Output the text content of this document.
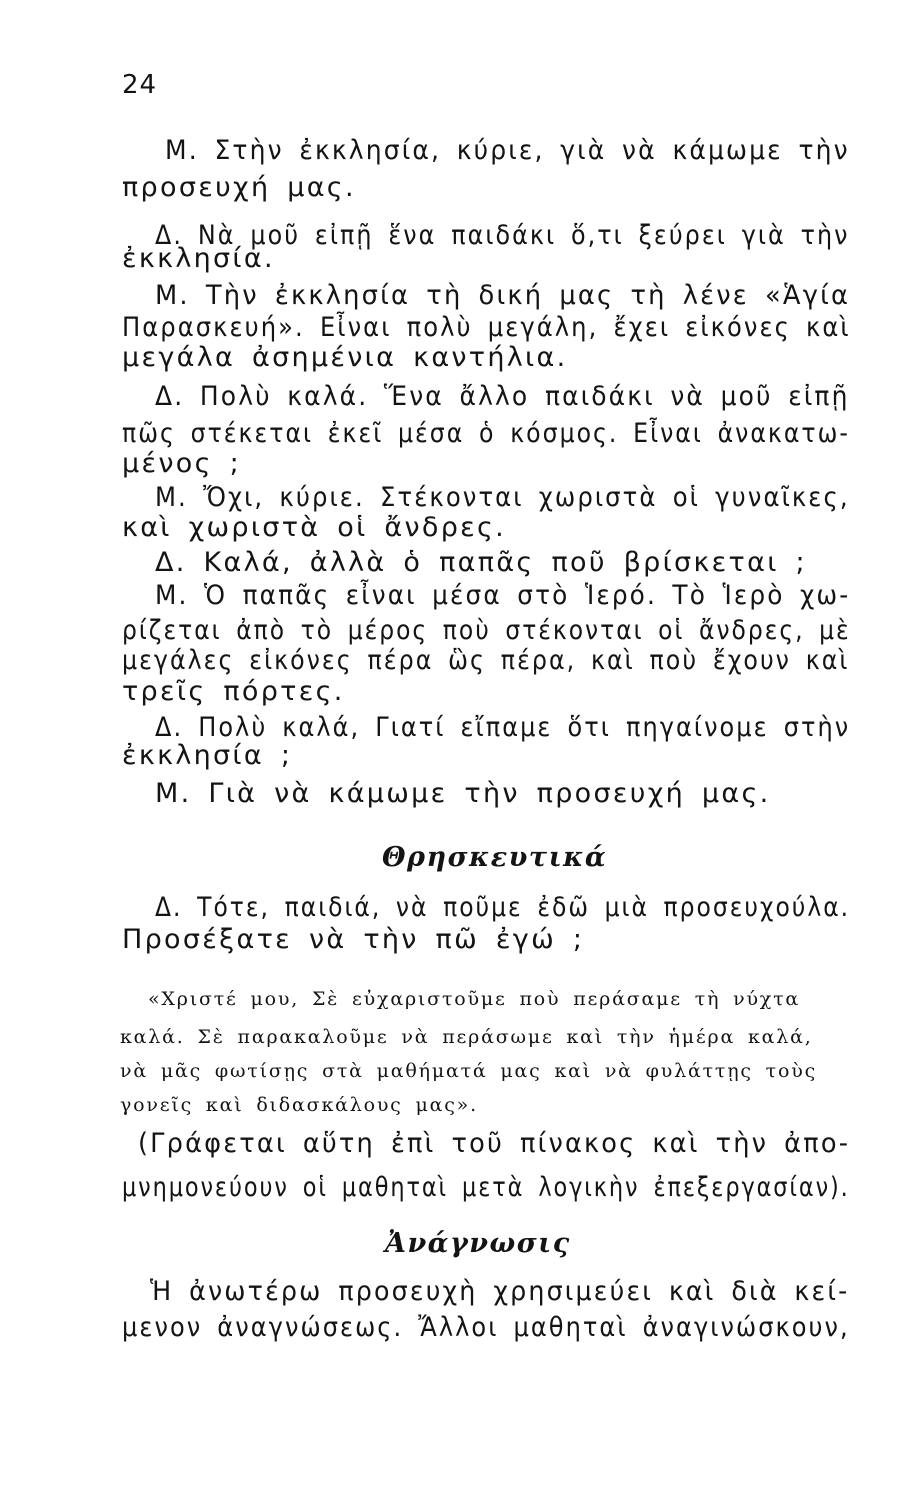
24
Μ. Στὴν ἐκκλησία, κύριε, γιὰ νὰ κάμωμε τὴν
προσευχή μας.
Δ. Νὰ μοῦ εἰπῇ ἕνα παιδάκι ὅ,τι ξεύρει γιὰ τὴν
ἐκκλησία.
Μ. Τὴν ἐκκλησία τὴ δική μας τὴ λένε «Ἁγία
Παρασκευή». Εἶναι πολὺ μεγάλη, ἔχει εἰκόνες καὶ
μεγάλα ἀσημένια καντήλια.
Δ. Πολὺ καλά. Ἕνα ἄλλο παιδάκι νὰ μοῦ εἰπῇ
πῶς στέκεται ἐκεῖ μέσα ὁ κόσμος. Εἶναι ἀνακατω-
μένος ;
Μ. Ὄχι, κύριε. Στέκονται χωριστὰ οἱ γυναῖκες,
καὶ χωριστὰ οἱ ἄνδρες.
Δ. Καλά, ἀλλὰ ὁ παπᾶς ποῦ βρίσκεται ;
Μ. Ὁ παπᾶς εἶναι μέσα στὸ Ἱερό. Τὸ Ἱερὸ χω-
ρίζεται ἀπὸ τὸ μέρος ποὺ στέκονται οἱ ἄνδρες, μὲ
μεγάλες εἰκόνες πέρα ὣς πέρα, καὶ ποὺ ἔχουν καὶ
τρεῖς πόρτες.
Δ. Πολὺ καλά, Γιατί εἴπαμε ὅτι πηγαίνομε στὴν
ἐκκλησία ;
Μ. Γιὰ νὰ κάμωμε τὴν προσευχή μας.
Θρησκευτικά
Δ. Τότε, παιδιά, νὰ ποῦμε ἐδῶ μιὰ προσευχούλα.
Προσέξατε νὰ τὴν πῶ ἐγώ ;
«Χριστέ μου, Σὲ εὐχαριστοῦμε ποὺ περάσαμε τὴ νύχτα
καλά. Σὲ παρακαλοῦμε νὰ περάσωμε καὶ τὴν ἡμέρα καλά,
νὰ μᾶς φωτίσῃς στὰ μαθήματά μας καὶ νὰ φυλάττῃς τοὺς
γονεῖς καὶ διδασκάλους μας».
(Γράφεται αὕτη ἐπὶ τοῦ πίνακος καὶ τὴν ἀπο-
μνημονεύουν οἱ μαθηταὶ μετὰ λογικὴν ἐπεξεργασίαν).
Ἀνάγνωσις
Ἡ ἀνωτέρω προσευχὴ χρησιμεύει καὶ διὰ κεί-
μενον ἀναγνώσεως. Ἄλλοι μαθηταὶ ἀναγινώσκουν,
